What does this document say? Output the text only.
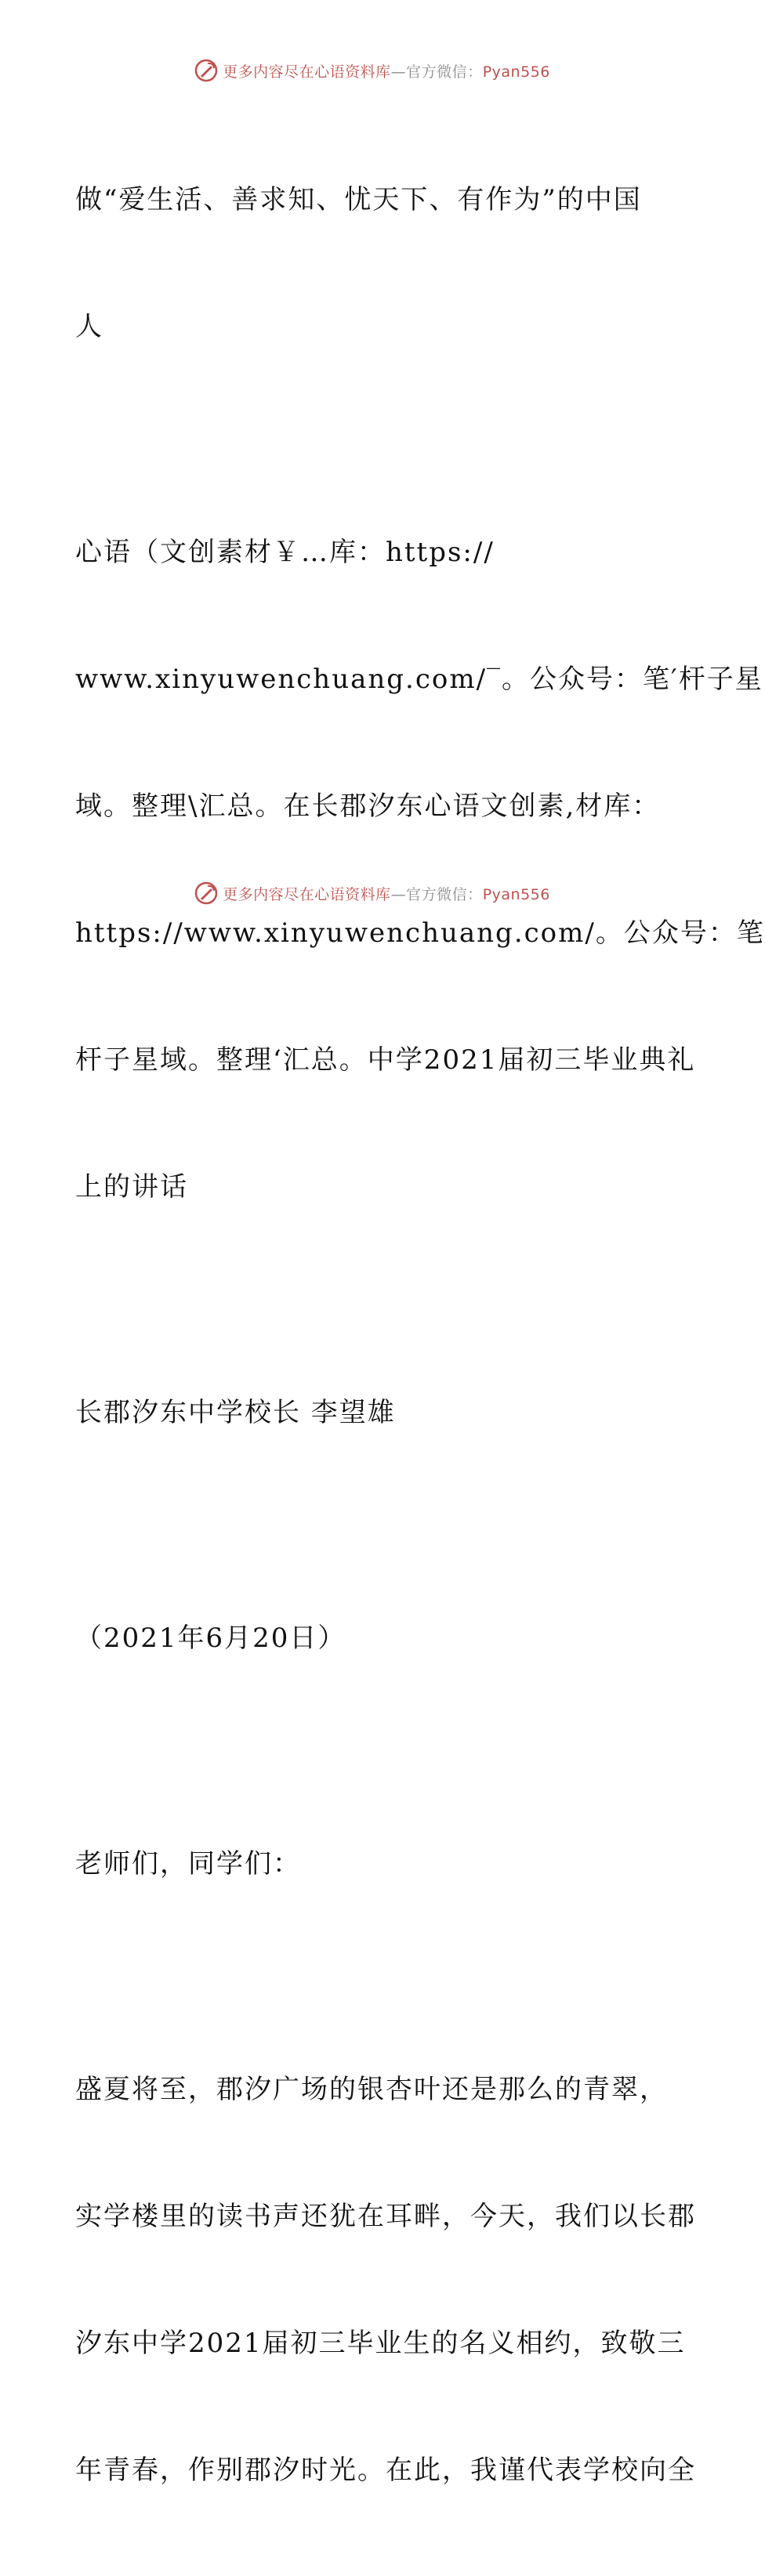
更多内容尽在心语资料库—官方微信：Pyan556

做“爱生活、善求知、忧天下、有作为”的中国

人

心语（文创素材￥…库：https://

www.xinyuwenchuang.com/‾。公众号：笔′杆子星

域。整理\汇总。在长郡汐东心语文创素,材库：

https://www.xinyuwenchuang.com/。公众号：笔

杆子星域。整理‘汇总。中学2021届初三毕业典礼

上的讲话

长郡汐东中学校长 李望雄

（2021年6月20日）

老师们，同学们：

盛夏将至，郡汐广场的银杏叶还是那么的青翠，

实学楼里的读书声还犹在耳畔，今天，我们以长郡

汐东中学2021届初三毕业生的名义相约，致敬三

年青春，作别郡汐时光。在此，我谨代表学校向全

更多内容尽在心语资料库—官方微信：Pyan556
